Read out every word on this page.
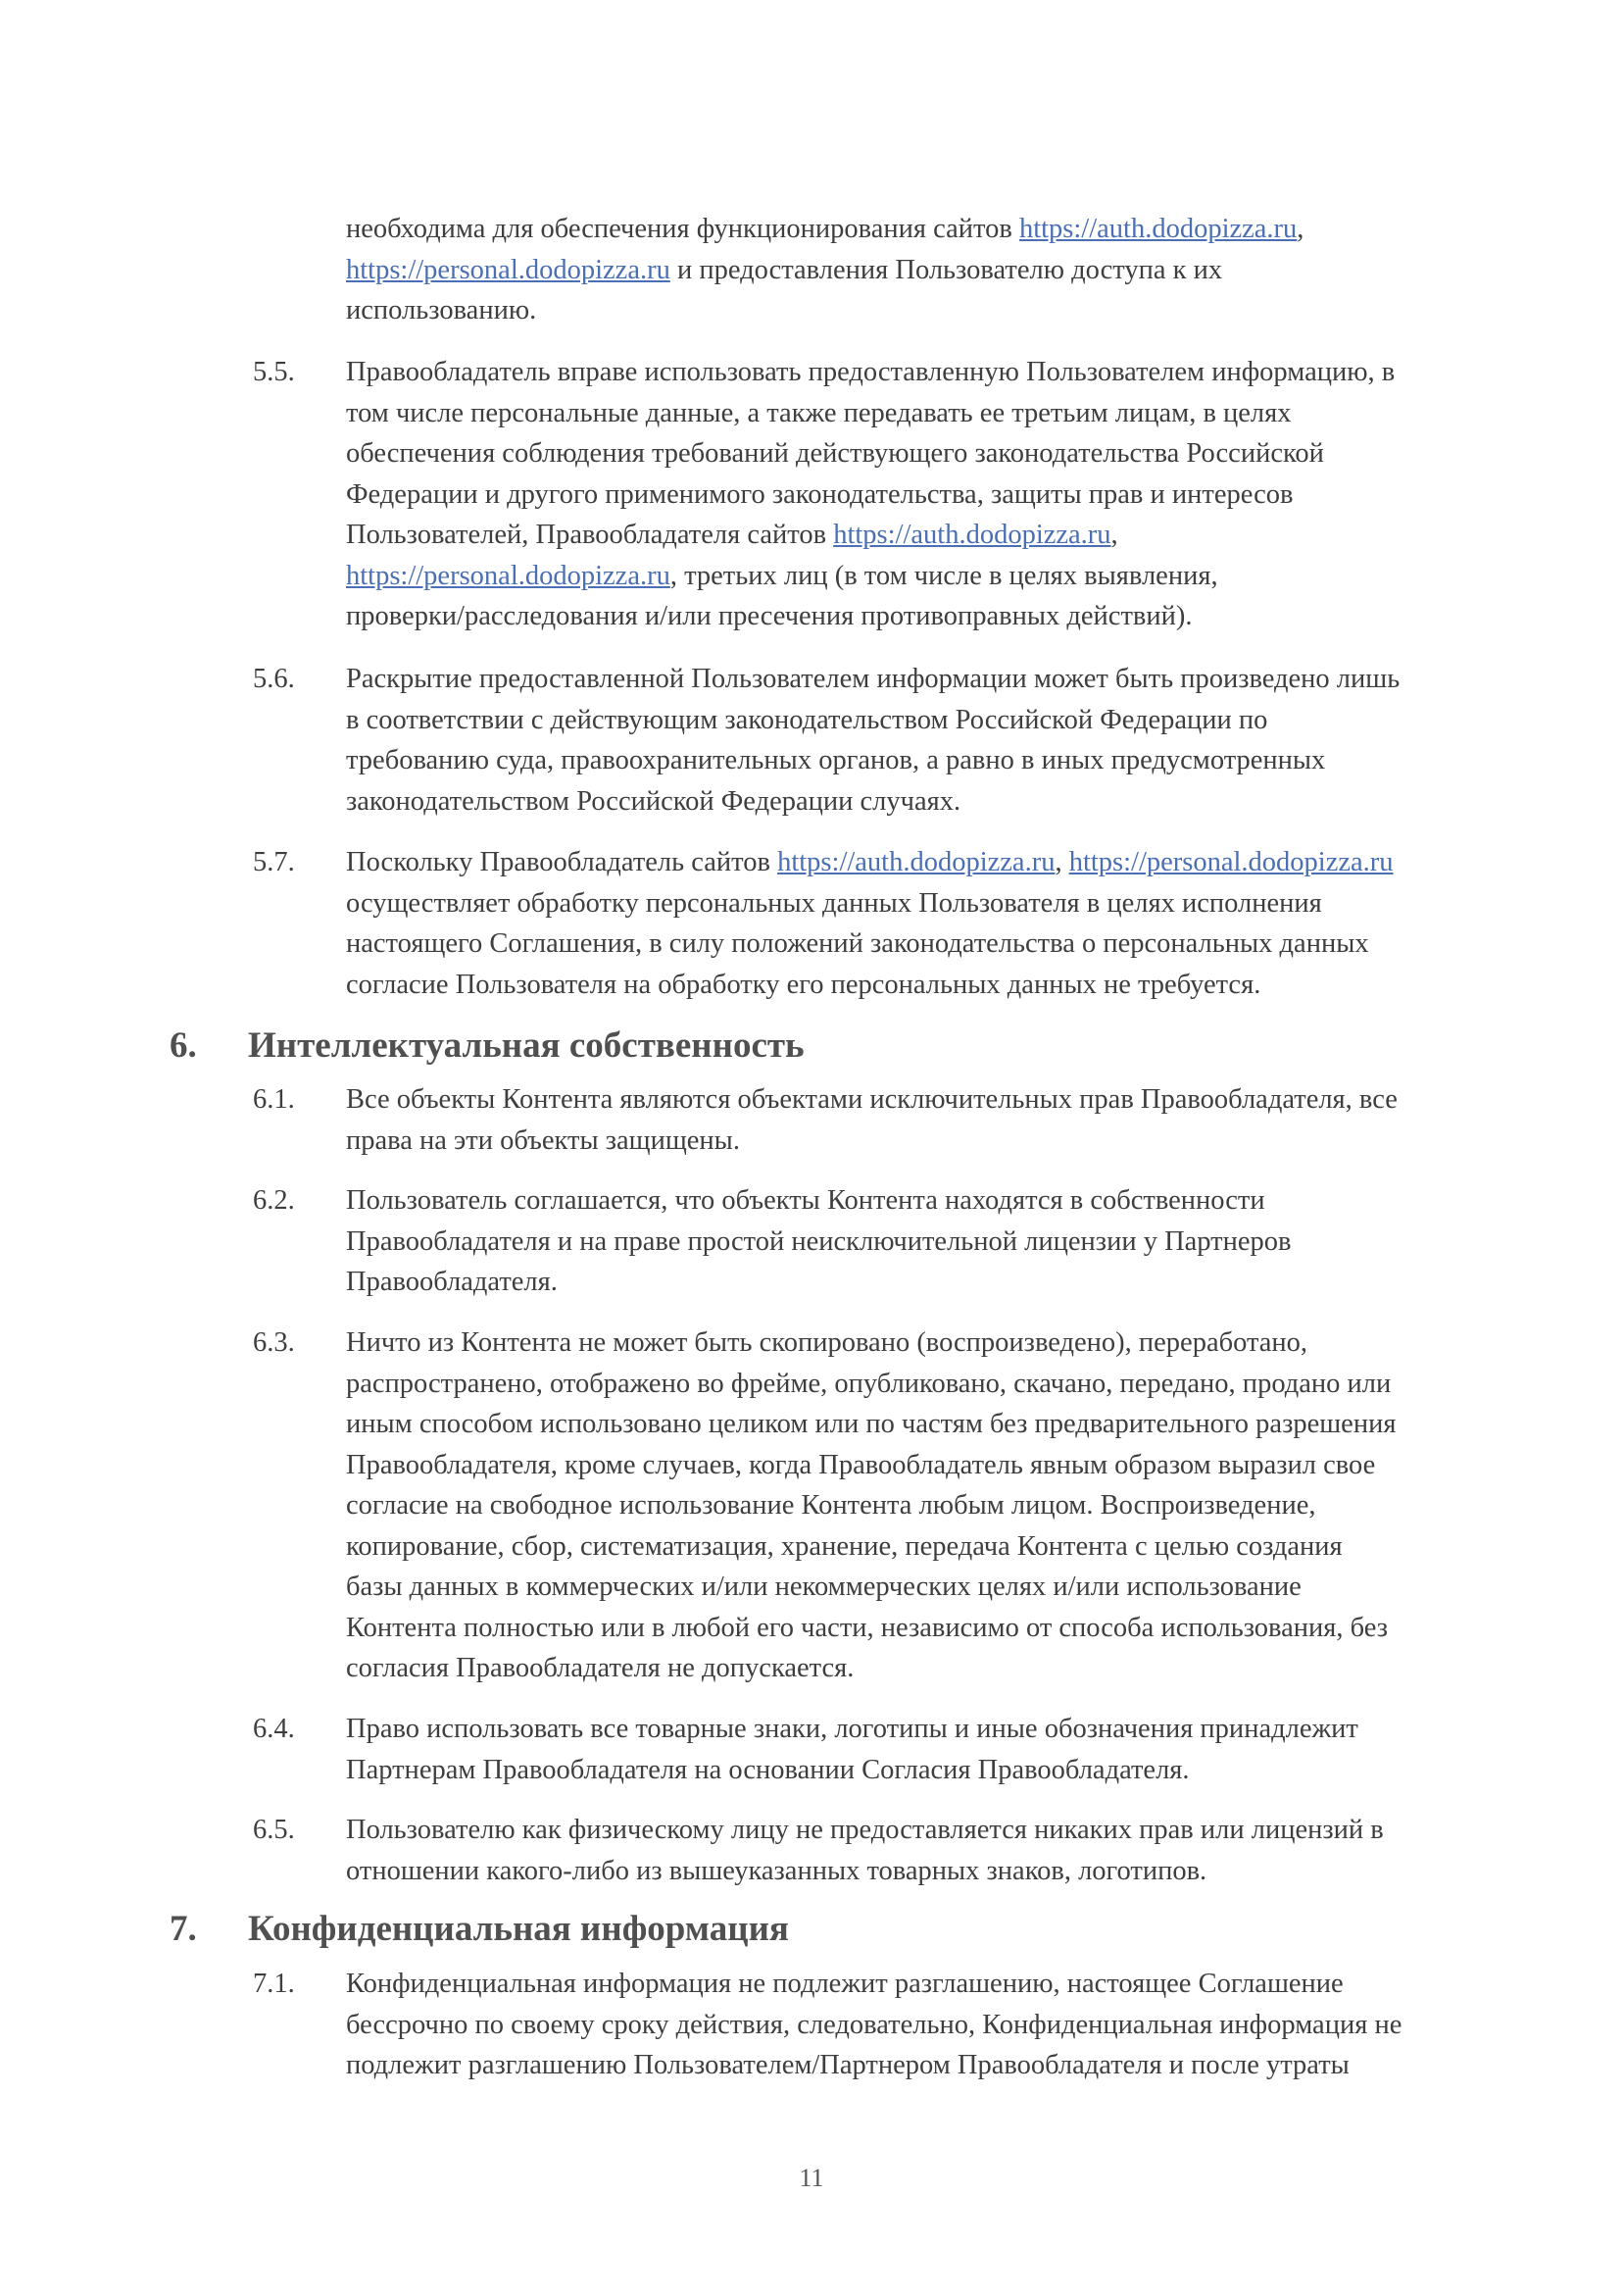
необходима для обеспечения функционирования сайтов https://auth.dodopizza.ru,
https://personal.dodopizza.ru и предоставления Пользователю доступа к их
использованию.
5.5.	Правообладатель вправе использовать предоставленную Пользователем информацию, в
том числе персональные данные, а также передавать ее третьим лицам, в целях
обеспечения соблюдения требований действующего законодательства Российской
Федерации и другого применимого законодательства, защиты прав и интересов
Пользователей, Правообладателя сайтов https://auth.dodopizza.ru,
https://personal.dodopizza.ru, третьих лиц (в том числе в целях выявления,
проверки/расследования и/или пресечения противоправных действий).
5.6.	Раскрытие предоставленной Пользователем информации может быть произведено лишь
в соответствии с действующим законодательством Российской Федерации по
требованию суда, правоохранительных органов, а равно в иных предусмотренных
законодательством Российской Федерации случаях.
5.7.	Поскольку Правообладатель сайтов https://auth.dodopizza.ru, https://personal.dodopizza.ru
осуществляет обработку персональных данных Пользователя в целях исполнения
настоящего Соглашения, в силу положений законодательства о персональных данных
согласие Пользователя на обработку его персональных данных не требуется.
6. Интеллектуальная собственность
6.1.	Все объекты Контента являются объектами исключительных прав Правообладателя, все
права на эти объекты защищены.
6.2.	Пользователь соглашается, что объекты Контента находятся в собственности
Правообладателя и на праве простой неисключительной лицензии у Партнеров
Правообладателя.
6.3.	Ничто из Контента не может быть скопировано (воспроизведено), переработано,
распространено, отображено во фрейме, опубликовано, скачано, передано, продано или
иным способом использовано целиком или по частям без предварительного разрешения
Правообладателя, кроме случаев, когда Правообладатель явным образом выразил свое
согласие на свободное использование Контента любым лицом. Воспроизведение,
копирование, сбор, систематизация, хранение, передача Контента с целью создания
базы данных в коммерческих и/или некоммерческих целях и/или использование
Контента полностью или в любой его части, независимо от способа использования, без
согласия Правообладателя не допускается.
6.4.	Право использовать все товарные знаки, логотипы и иные обозначения принадлежит
Партнерам Правообладателя на основании Согласия Правообладателя.
6.5.	Пользователю как физическому лицу не предоставляется никаких прав или лицензий в
отношении какого-либо из вышеуказанных товарных знаков, логотипов.
7. Конфиденциальная информация
7.1.	Конфиденциальная информация не подлежит разглашению, настоящее Соглашение
бессрочно по своему сроку действия, следовательно, Конфиденциальная информация не
подлежит разглашению Пользователем/Партнером Правообладателя и после утраты
11
